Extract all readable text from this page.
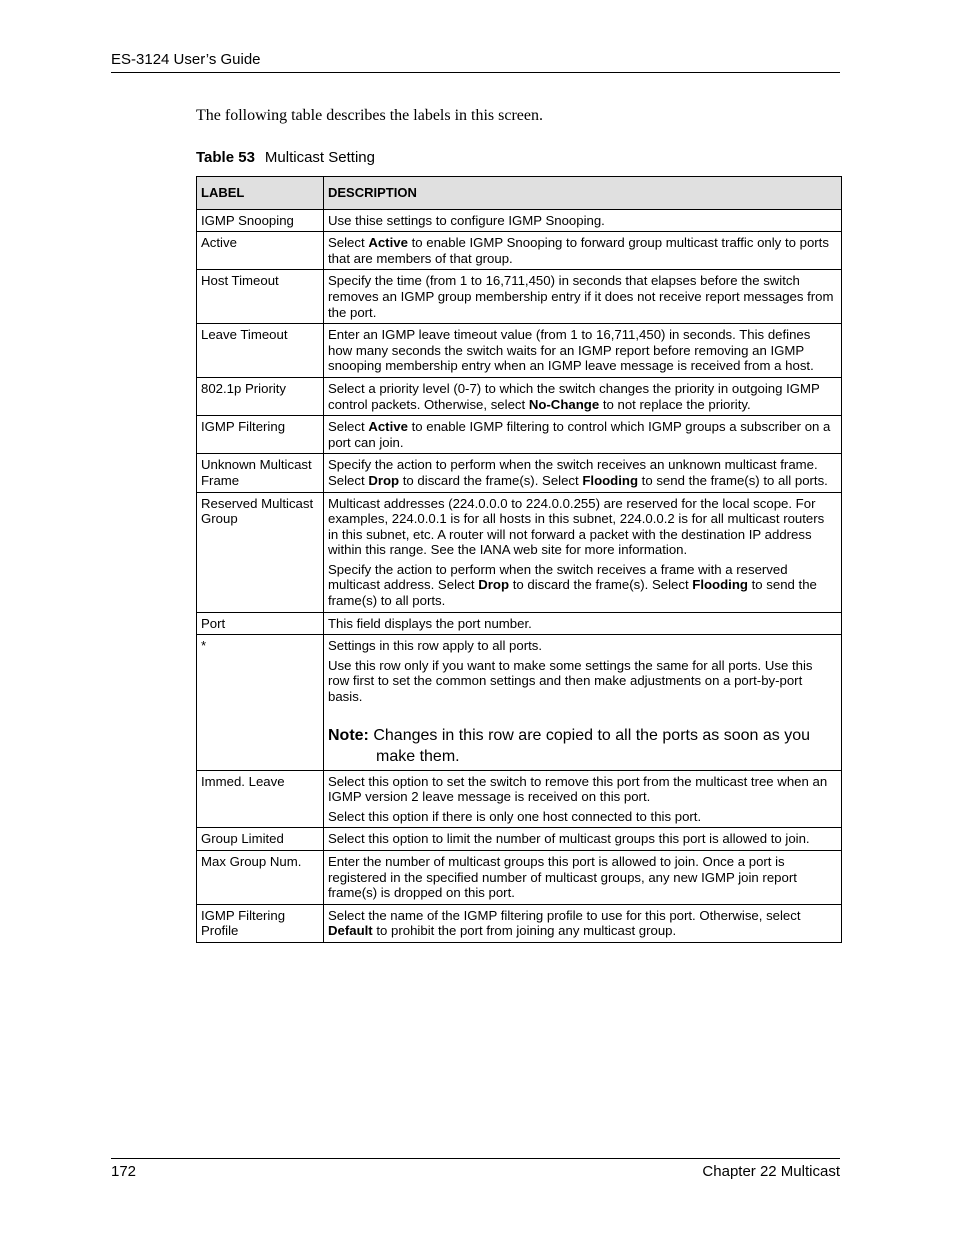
ES-3124 User’s Guide
The following table describes the labels in this screen.
Table 53 Multicast Setting
LABEL	DESCRIPTION
IGMP Snooping	Use thise settings to configure IGMP Snooping.

Active	Select Active to enable IGMP Snooping to forward group multicast traffic only to ports that are members of that group.

Host Timeout	Specify the time (from 1 to 16,711,450) in seconds that elapses before the switch removes an IGMP group membership entry if it does not receive report messages from the port.

Leave Timeout	Enter an IGMP leave timeout value (from 1 to 16,711,450) in seconds. This defines how many seconds the switch waits for an IGMP report before removing an IGMP snooping membership entry when an IGMP leave message is received from a host.

802.1p Priority	Select a priority level (0-7) to which the switch changes the priority in outgoing IGMP control packets. Otherwise, select No-Change to not replace the priority.

IGMP Filtering	Select Active to enable IGMP filtering to control which IGMP groups a subscriber on a port can join.

Unknown Multicast Frame	Specify the action to perform when the switch receives an unknown multicast frame. Select Drop to discard the frame(s). Select Flooding to send the frame(s) to all ports.

Reserved Multicast Group	Multicast addresses (224.0.0.0 to 224.0.0.255) are reserved for the local scope. For examples, 224.0.0.1 is for all hosts in this subnet, 224.0.0.2 is for all multicast routers in this subnet, etc. A router will not forward a packet with the destination IP address within this range. See the IANA web site for more information.

Specify the action to perform when the switch receives a frame with a reserved multicast address. Select Drop to discard the frame(s). Select Flooding to send the frame(s) to all ports.

Port	This field displays the port number.

*	Settings in this row apply to all ports.

Use this row only if you want to make some settings the same for all ports. Use this row first to set the common settings and then make adjustments on a port-by-port basis.

Note: Changes in this row are copied to all the ports as soon as you make them.

Immed. Leave	Select this option to set the switch to remove this port from the multicast tree when an IGMP version 2 leave message is received on this port.

Select this option if there is only one host connected to this port.

Group Limited	Select this option to limit the number of multicast groups this port is allowed to join.

Max Group Num.	Enter the number of multicast groups this port is allowed to join. Once a port is registered in the specified number of multicast groups, any new IGMP join report frame(s) is dropped on this port.

IGMP Filtering Profile	Select the name of the IGMP filtering profile to use for this port. Otherwise, select Default to prohibit the port from joining any multicast group.

172	Chapter 22 Multicast
